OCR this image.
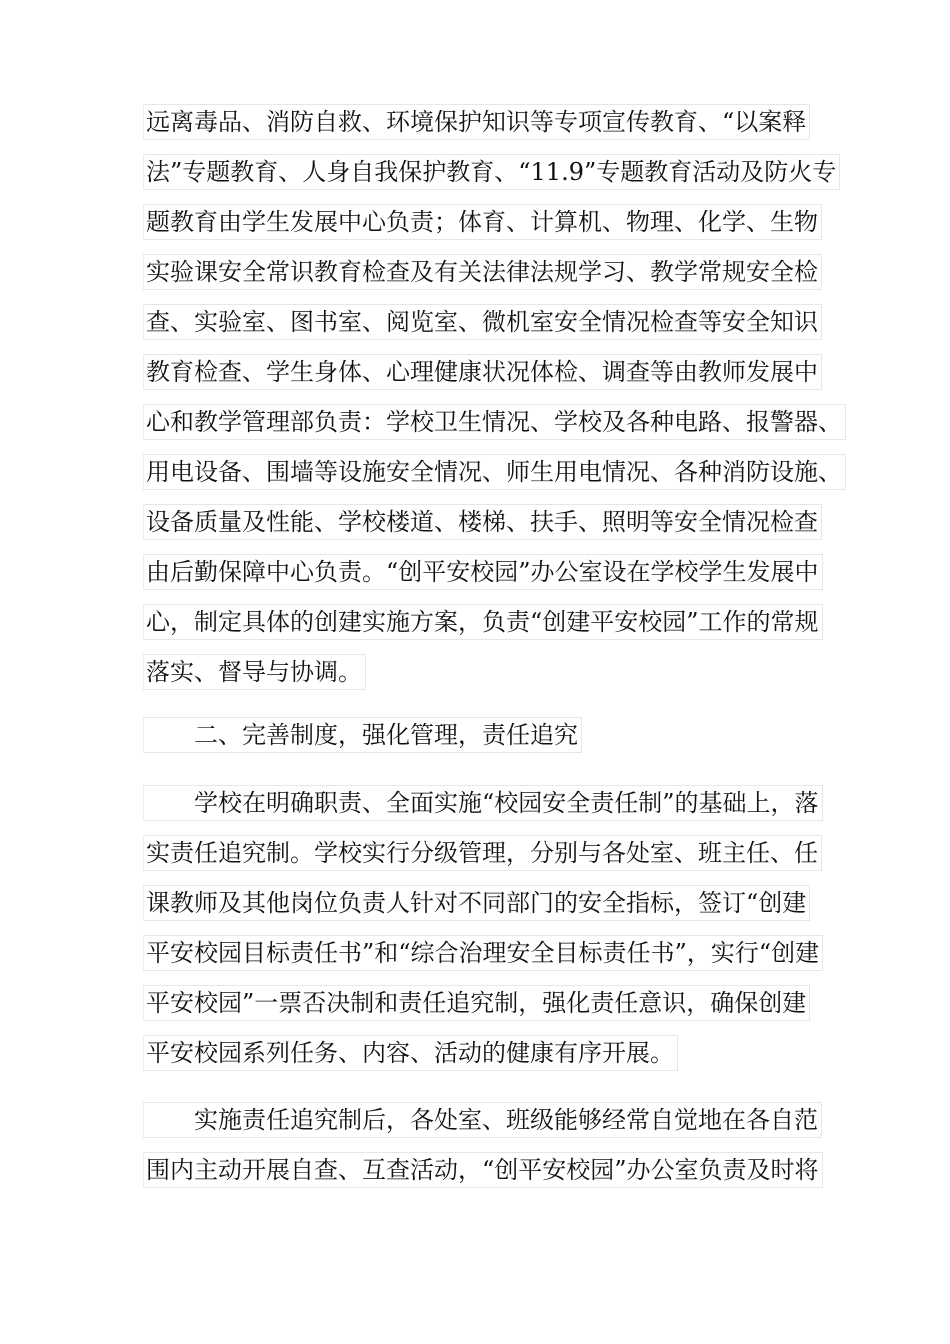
远离毒品、消防自救、环境保护知识等专项宣传教育、“以案释
法”专题教育、人身自我保护教育、“11.9”专题教育活动及防火专
题教育由学生发展中心负责；体育、计算机、物理、化学、生物
实验课安全常识教育检查及有关法律法规学习、教学常规安全检
查、实验室、图书室、阅览室、微机室安全情况检查等安全知识
教育检查、学生身体、心理健康状况体检、调查等由教师发展中
心和教学管理部负责：学校卫生情况、学校及各种电路、报警器、
用电设备、围墙等设施安全情况、师生用电情况、各种消防设施、
设备质量及性能、学校楼道、楼梯、扶手、照明等安全情况检查
由后勤保障中心负责。“创平安校园”办公室设在学校学生发展中
心，制定具体的创建实施方案，负责“创建平安校园”工作的常规
落实、督导与协调。
二、完善制度，强化管理，责任追究
学校在明确职责、全面实施“校园安全责任制”的基础上，落
实责任追究制。学校实行分级管理，分别与各处室、班主任、任
课教师及其他岗位负责人针对不同部门的安全指标，签订“创建
平安校园目标责任书”和“综合治理安全目标责任书”，实行“创建
平安校园”一票否决制和责任追究制，强化责任意识，确保创建
平安校园系列任务、内容、活动的健康有序开展。
实施责任追究制后，各处室、班级能够经常自觉地在各自范
围内主动开展自查、互查活动，“创平安校园”办公室负责及时将
